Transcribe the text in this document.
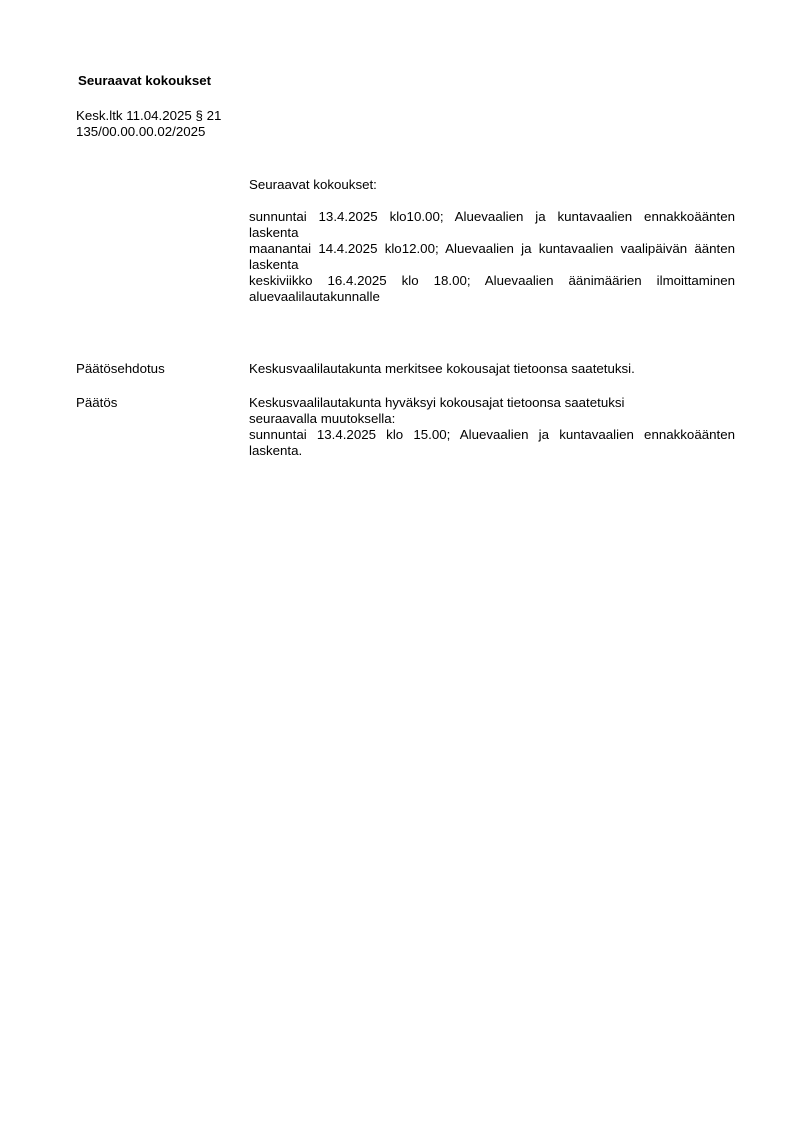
Seuraavat kokoukset
Kesk.ltk 11.04.2025 § 21
135/00.00.00.02/2025
Seuraavat kokoukset:
sunnuntai 13.4.2025 klo10.00; Aluevaalien ja kuntavaalien ennakkoäänten laskenta
maanantai 14.4.2025 klo12.00; Aluevaalien ja kuntavaalien vaalipäivän äänten laskenta
keskiviikko 16.4.2025 klo 18.00; Aluevaalien äänimäärien ilmoittaminen aluevaalilautakunnalle
Päätösehdotus	Keskusvaalilautakunta merkitsee kokousajat tietoonsa saatetuksi.
Päätös	Keskusvaalilautakunta hyväksyi kokousajat tietoonsa saatetuksi seuraavalla muutoksella:
sunnuntai 13.4.2025 klo 15.00; Aluevaalien ja kuntavaalien ennakkoäänten laskenta.
